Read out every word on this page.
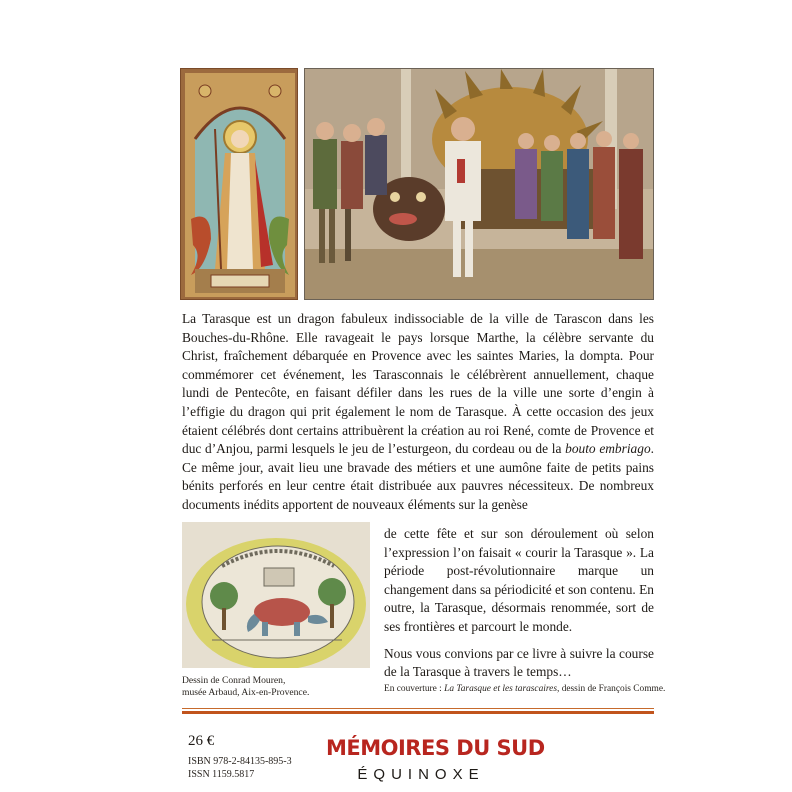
La Tarasque est un dragon fabuleux indissociable de la ville de Tarascon dans les Bouches-du-Rhône. Elle ravageait le pays lorsque Marthe, la célèbre servante du Christ, fraîchement débarquée en Provence avec les saintes Maries, la dompta. Pour commémorer cet événement, les Tarasconnais le célébrèrent annuellement, chaque lundi de Pentecôte, en faisant défiler dans les rues de la ville une sorte d’engin à l’effigie du dragon qui prit également le nom de Tarasque. À cette occasion des jeux étaient célébrés dont certains attribuèrent la création au roi René, comte de Provence et duc d’Anjou, parmi lesquels le jeu de l’esturgeon, du cordeau ou de la bouto embriago. Ce même jour, avait lieu une bravade des métiers et une aumône faite de petits pains bénits perforés en leur centre était distribuée aux pauvres nécessiteux. De nombreux documents inédits apportent de nouveaux éléments sur la genèse

de cette fête et sur son déroulement où selon l’expression l’on faisait « courir la Tarasque ». La période post-révolutionnaire marque un changement dans sa périodicité et son contenu. En outre, la Tarasque, désormais renommée, sort de ses frontières et parcourt le monde.

Nous vous convions par ce livre à suivre la course de la Tarasque à travers le temps…

Dessin de Conrad Mouren,
musée Arbaud, Aix-en-Provence.	En couverture : La Tarasque et les tarascaires, dessin de François Comme.
26 €
ISBN 978-2-84135-895-3
ISSN 1159.5817
MÉMOIRES DU SUD
ÉQUINOXE
